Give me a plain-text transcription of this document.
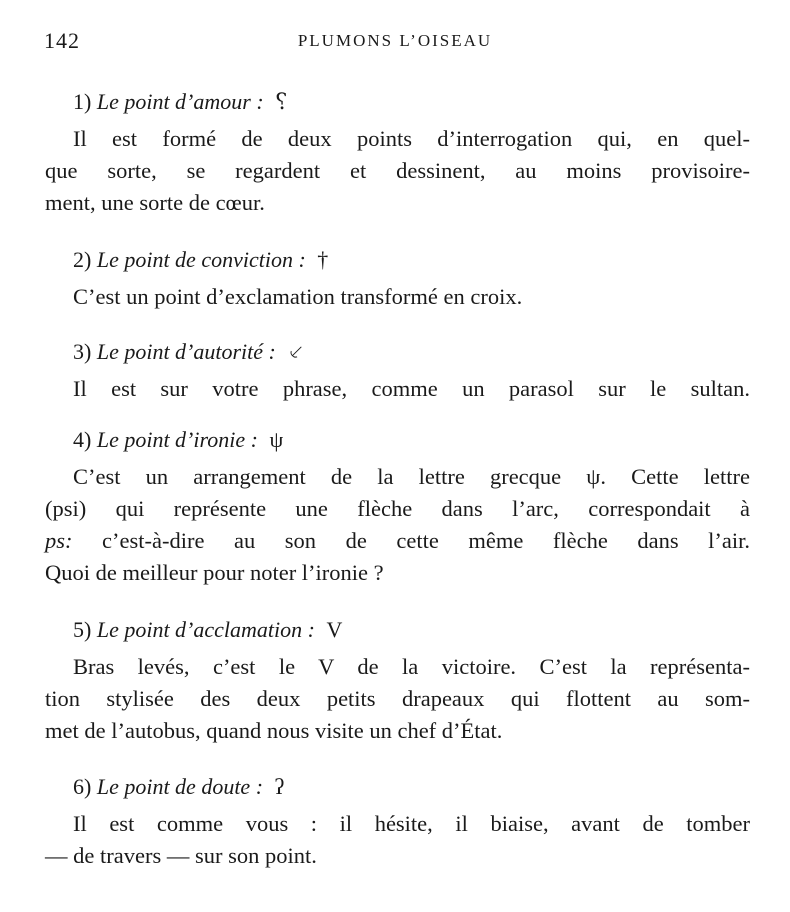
142	PLUMONS L’OISEAU
1) Le point d’amour : ⸮
Il est formé de deux points d’interrogation qui, en quel-
que sorte, se regardent et dessinent, au moins provisoire-
ment, une sorte de cœur.
2) Le point de conviction : †
C’est un point d’exclamation transformé en croix.
3) Le point d’autorité : ⸔
Il est sur votre phrase, comme un parasol sur le sultan.
4) Le point d’ironie : ψ
C’est un arrangement de la lettre grecque ψ. Cette lettre
(psi) qui représente une flèche dans l’arc, correspondait à
ps: c’est-à-dire au son de cette même flèche dans l’air.
Quoi de meilleur pour noter l’ironie ?
5) Le point d’acclamation : V
Bras levés, c’est le V de la victoire. C’est la représenta-
tion stylisée des deux petits drapeaux qui flottent au som-
met de l’autobus, quand nous visite un chef d’État.
6) Le point de doute : ʔ
Il est comme vous : il hésite, il biaise, avant de tomber
— de travers — sur son point.
